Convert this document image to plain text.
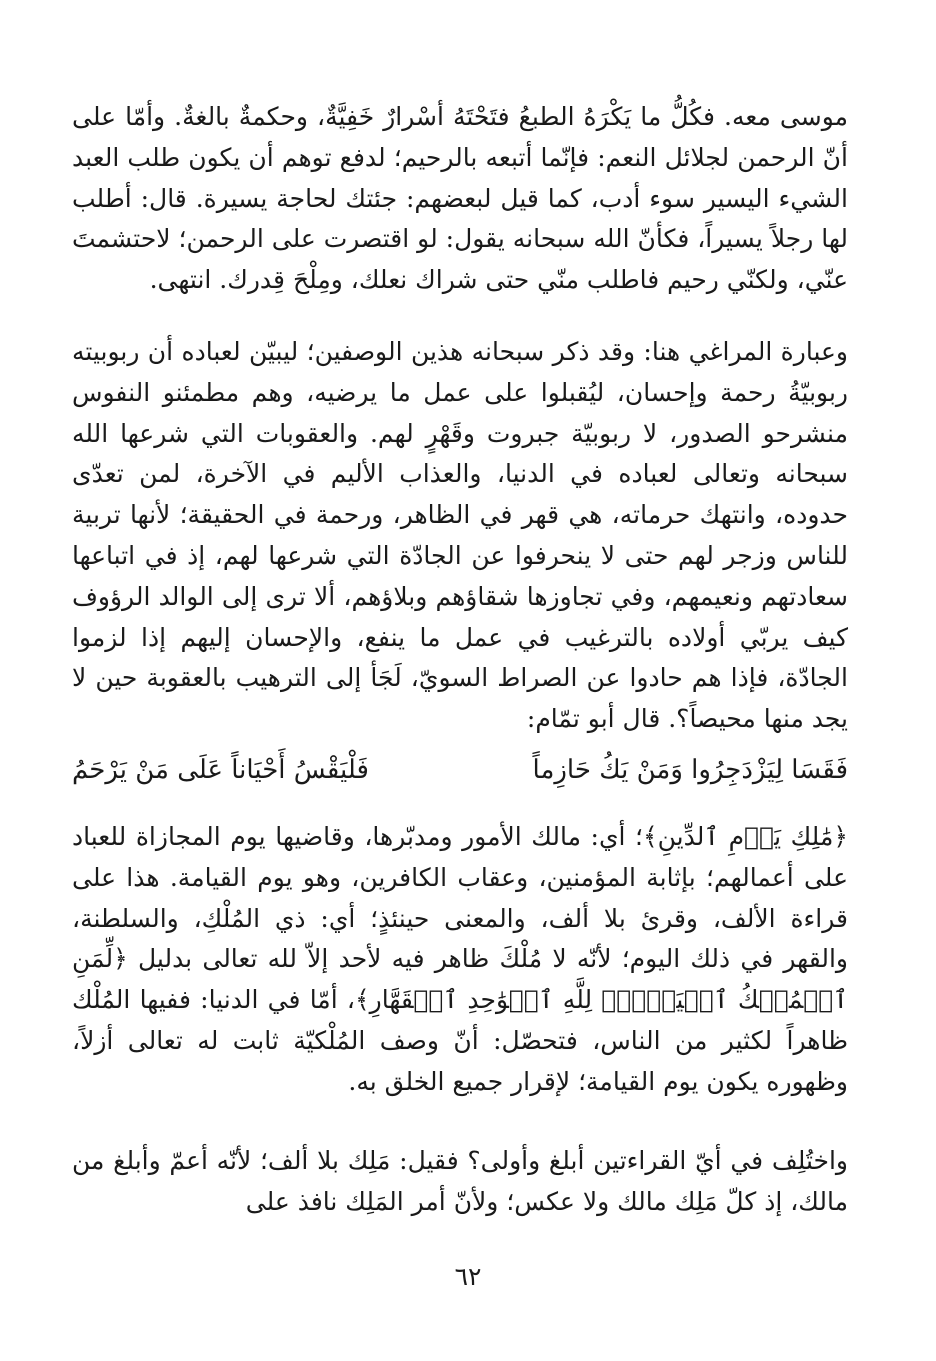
موسى معه. فكُلُّ ما يَكْرَهُ الطبعُ فتَحْتَهُ أسْرارٌ خَفِيَّةٌ، وحكمةٌ بالغةٌ. وأمّا على أنّ الرحمن لجلائل النعم: فإنّما أتبعه بالرحيم؛ لدفع توهم أن يكون طلب العبد الشيء اليسير سوء أدب، كما قيل لبعضهم: جئتك لحاجة يسيرة. قال: أطلب لها رجلاً يسيراً، فكأنّ الله سبحانه يقول: لو اقتصرت على الرحمن؛ لاحتشمتَ عنّي، ولكنّي رحيم فاطلب منّي حتى شراك نعلك، ومِلْحَ قِدرك. انتهى.

وعبارة المراغي هنا: وقد ذكر سبحانه هذين الوصفين؛ ليبيّن لعباده أن ربوبيته ربوبيّةُ رحمة وإحسان، ليُقبلوا على عمل ما يرضيه، وهم مطمئنو النفوس منشرحو الصدور، لا ربوبيّة جبروت وقَهْرٍ لهم. والعقوبات التي شرعها الله سبحانه وتعالى لعباده في الدنيا، والعذاب الأليم في الآخرة، لمن تعدّى حدوده، وانتهك حرماته، هي قهر في الظاهر، ورحمة في الحقيقة؛ لأنها تربية للناس وزجر لهم حتى لا ينحرفوا عن الجادّة التي شرعها لهم، إذ في اتباعها سعادتهم ونعيمهم، وفي تجاوزها شقاؤهم وبلاؤهم، ألا ترى إلى الوالد الرؤوف كيف يربّي أولاده بالترغيب في عمل ما ينفع، والإحسان إليهم إذا لزموا الجادّة، فإذا هم حادوا عن الصراط السويّ، لَجَأ إلى الترهيب بالعقوبة حين لا يجد منها محيصاً؟. قال أبو تمّام:

فَقَسَا لِيَزْدَجِرُوا وَمَنْ يَكُ حَازِماً
فَلْيَقْسُ أَحْيَاناً عَلَى مَنْ يَرْحَمُ

﴿مَٰلِكِ يَوۡمِ ٱلدِّينِ﴾؛ أي: مالك الأمور ومدبّرها، وقاضيها يوم المجازاة للعباد على أعمالهم؛ بإثابة المؤمنين، وعقاب الكافرين، وهو يوم القيامة. هذا على قراءة الألف، وقرئ بلا ألف، والمعنى حينئذٍ؛ أي: ذي المُلْكِ، والسلطنة، والقهر في ذلك اليوم؛ لأنّه لا مُلْكَ ظاهر فيه لأحد إلاّ لله تعالى بدليل ﴿لِّمَنِ ٱلۡمُلۡكُ ٱلۡيَوۡمَۖ لِلَّهِ ٱلۡوَٰحِدِ ٱلۡقَهَّارِ﴾، أمّا في الدنيا: ففيها المُلْك ظاهراً لكثير من الناس، فتحصّل: أنّ وصف المُلْكيّة ثابت له تعالى أزلاً، وظهوره يكون يوم القيامة؛ لإقرار جميع الخلق به.

واختُلِف في أيّ القراءتين أبلغ وأولى؟ فقيل: مَلِك بلا ألف؛ لأنّه أعمّ وأبلغ من مالك، إذ كلّ مَلِك مالك ولا عكس؛ ولأنّ أمر المَلِك نافذ على

٦٢
